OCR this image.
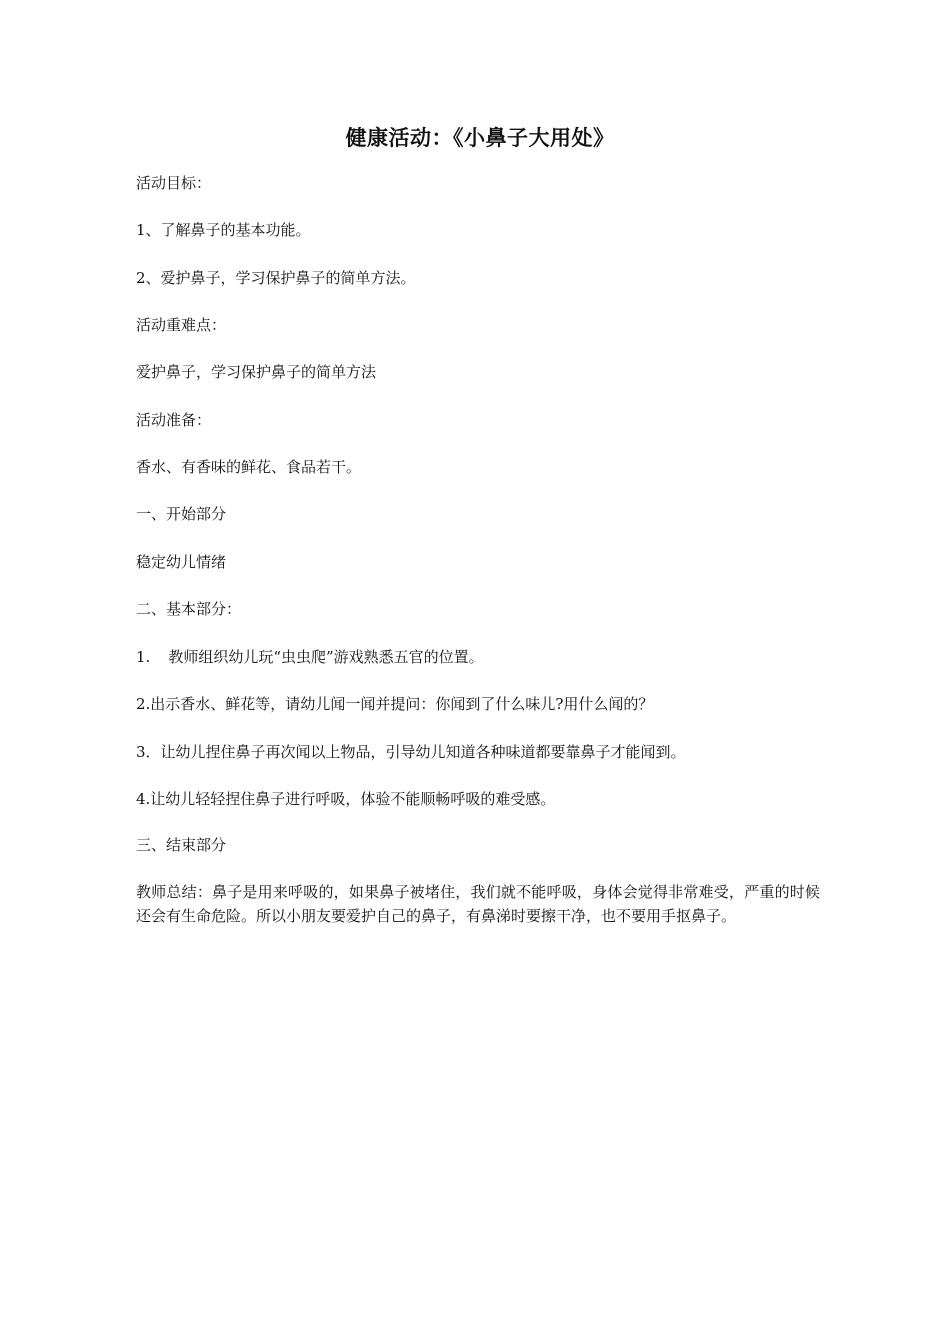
健康活动：《小鼻子大用处》
活动目标：
1、了解鼻子的基本功能。
2、爱护鼻子，学习保护鼻子的简单方法。
活动重难点：
爱护鼻子，学习保护鼻子的简单方法
活动准备：
香水、有香味的鲜花、食品若干。
一、开始部分
稳定幼儿情绪
二、基本部分：
1. 教师组织幼儿玩“虫虫爬”游戏熟悉五官的位置。
2.出示香水、鲜花等，请幼儿闻一闻并提问：你闻到了什么味儿?用什么闻的？
3．让幼儿捏住鼻子再次闻以上物品，引导幼儿知道各种味道都要靠鼻子才能闻到。
4.让幼儿轻轻捏住鼻子进行呼吸，体验不能顺畅呼吸的难受感。
三、结束部分
教师总结：鼻子是用来呼吸的，如果鼻子被堵住，我们就不能呼吸，身体会觉得非常难受，严重的时候还会有生命危险。所以小朋友要爱护自己的鼻子，有鼻涕时要擦干净，也不要用手抠鼻子。
